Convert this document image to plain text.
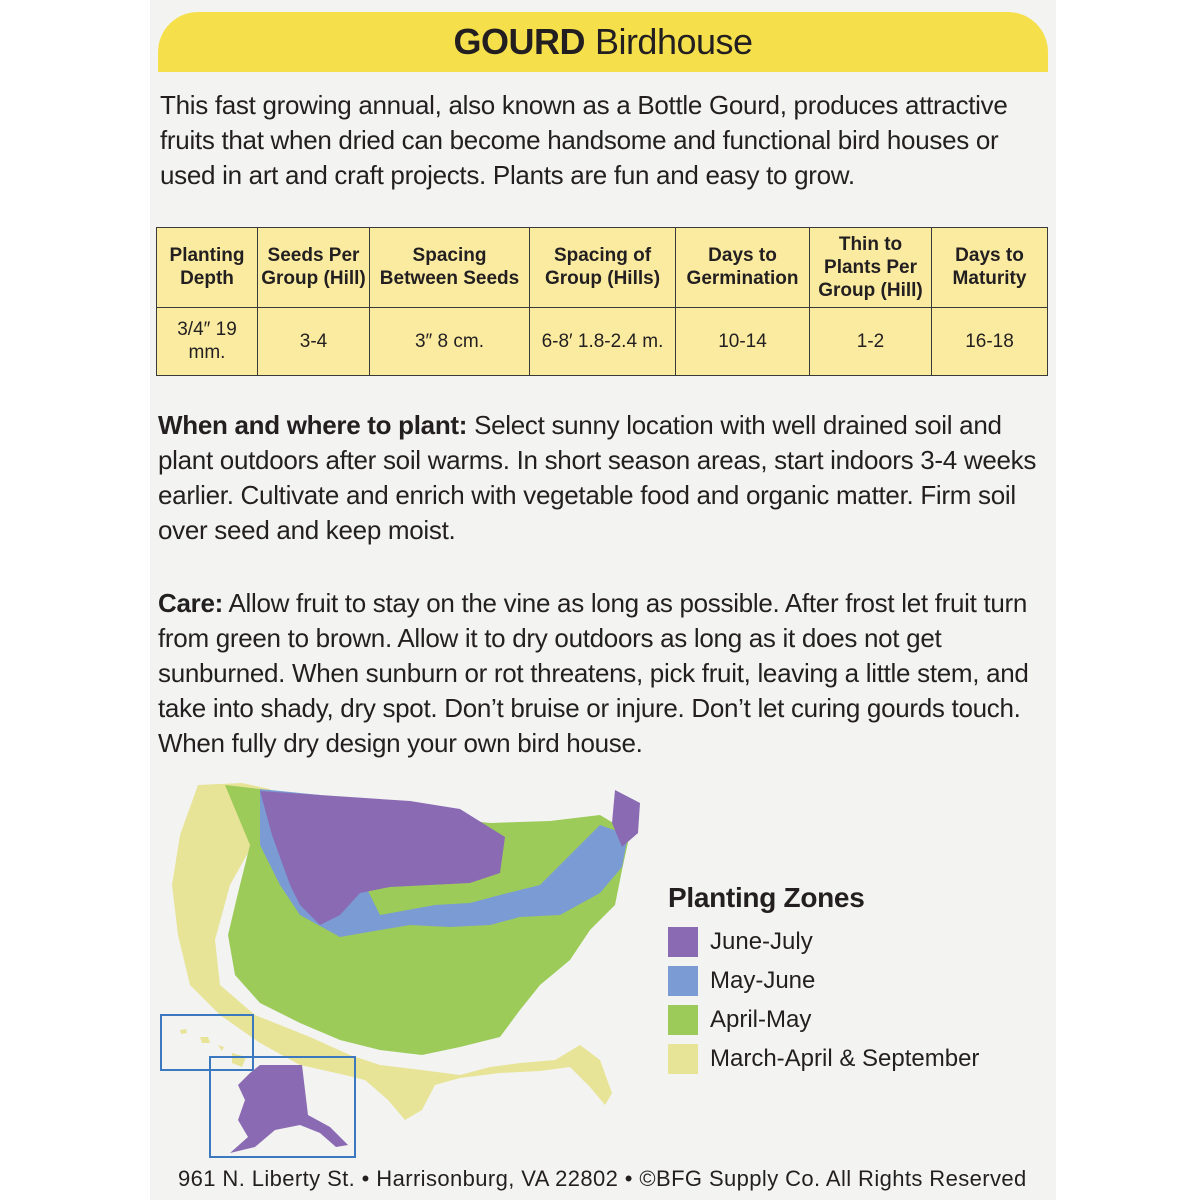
GOURD Birdhouse
This fast growing annual, also known as a Bottle Gourd, produces attractive fruits that when dried can become handsome and functional bird houses or used in art and craft projects. Plants are fun and easy to grow.
Planting Depth	Seeds Per Group (Hill)	Spacing Between Seeds	Spacing of Group (Hills)	Days to Germination	Thin to Plants Per Group (Hill)	Days to Maturity
3/4″ 19 mm.	3-4	3″ 8 cm.	6-8′ 1.8-2.4 m.	10-14	1-2	16-18
When and where to plant: Select sunny location with well drained soil and plant outdoors after soil warms. In short season areas, start indoors 3-4 weeks earlier. Cultivate and enrich with vegetable food and organic matter. Firm soil over seed and keep moist.
Care: Allow fruit to stay on the vine as long as possible. After frost let fruit turn from green to brown. Allow it to dry outdoors as long as it does not get sunburned. When sunburn or rot threatens, pick fruit, leaving a little stem, and take into shady, dry spot. Don’t bruise or injure. Don’t let curing gourds touch. When fully dry design your own bird house.
Planting Zones
June-July
May-June
April-May
March-April & September
961 N. Liberty St. • Harrisonburg, VA 22802 • ©BFG Supply Co. All Rights Reserved
